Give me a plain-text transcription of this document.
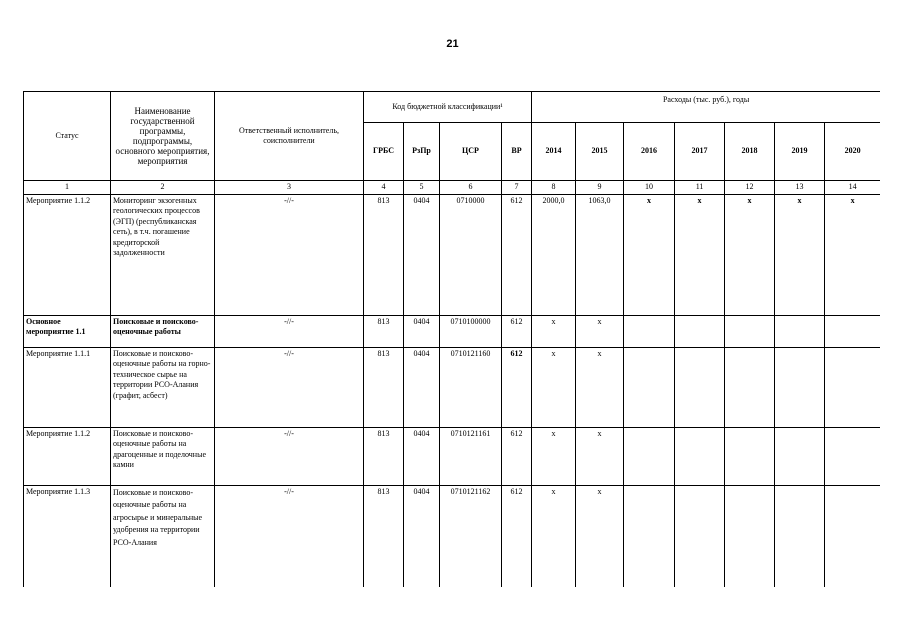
21
Статус	Наименование государственной программы, подпрограммы, основного мероприятия, мероприятия	Ответственный исполнитель, соисполнители	Код бюджетной классификации¹				Расходы (тыс. руб.), годы						
			ГРБС	РзПр	ЦСР	ВР	2014	2015	2016	2017	2018	2019	2020
1	2	3	4	5	6	7	8	9	10	11	12	13	14
Мероприятие 1.1.2	Мониторинг экзогенных геологических процессов (ЭГП) (республиканская сеть), в т.ч. погашение кредиторской задолженности	-//-	813	0404	0710000	612	2000,0	1063,0	х	х	х	х	х
Основное мероприятие 1.1	Поисковые и поисково-оценочные работы	-//-	813	0404	0710100000	612	х	х					
Мероприятие 1.1.1	Поисковые и поисково-оценочные работы на горно-техническое сырье на территории РСО-Алания (графит, асбест)	-//-	813	0404	0710121160	612	х	х					
Мероприятие 1.1.2	Поисковые и поисково-оценочные работы на драгоценные и поделочные камни	-//-	813	0404	0710121161	612	х	х					
Мероприятие 1.1.3	Поисковые и поисково-оценочные работы на агросырье и минеральные удобрения на территории РСО-Алания	-//-	813	0404	0710121162	612	х	х					
